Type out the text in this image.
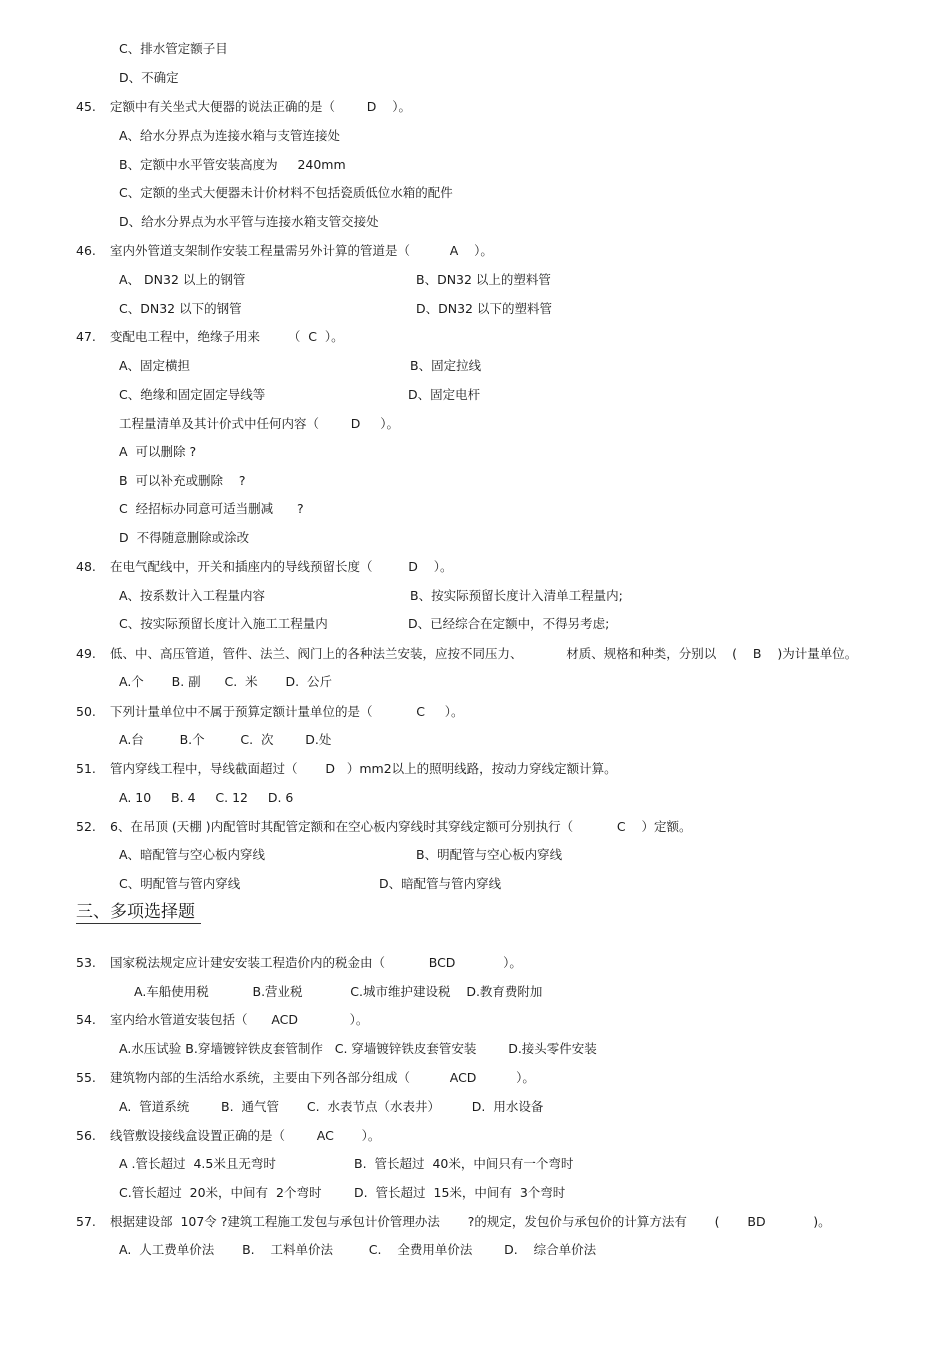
C、排水管定额子目
D、不确定
45. 定额中有关坐式大便器的说法正确的是（        D    ）。
A、给水分界点为连接水箱与支管连接处
B、定额中水平管安装高度为     240mm
C、定额的坐式大便器未计价材料不包括瓷质低位水箱的配件
D、给水分界点为水平管与连接水箱支管交接处
46. 室内外管道支架制作安装工程量需另外计算的管道是（          A    ）。
A、 DN32 以上的钢管	B、DN32 以上的塑料管
C、DN32 以下的钢管	D、DN32 以下的塑料管
47. 变配电工程中，绝缘子用来       （  C  ）。
A、固定横担	B、固定拉线
C、绝缘和固定固定导线等	D、固定电杆
工程量清单及其计价式中任何内容（        D     ）。
A  可以删除 ?
B  可以补充或删除    ?
C  经招标办同意可适当删减      ?
D  不得随意删除或涂改
48. 在电气配线中，开关和插座内的导线预留长度（         D    ）。
A、按系数计入工程量内容	B、按实际预留长度计入清单工程量内;
C、按实际预留长度计入施工工程量内	D、已经综合在定额中，不得另考虑;
49. 低、中、高压管道，管件、法兰、阀门上的各种法兰安装，应按不同压力、           材质、规格和种类，分别以    (    B    )为计量单位。
A.个       B. 副      C.  米       D.  公斤
50. 下列计量单位中不属于预算定额计量单位的是（           C     ）。
A.台         B.个         C.  次        D.处
51. 管内穿线工程中，导线截面超过（       D   ）mm2以上的照明线路，按动力穿线定额计算。
A. 10     B. 4     C. 12     D. 6
52. 6、在吊顶 (天棚 )内配管时其配管定额和在空心板内穿线时其穿线定额可分别执行（           C    ）定额。
A、暗配管与空心板内穿线	B、明配管与空心板内穿线
C、明配管与管内穿线	D、暗配管与管内穿线
53. 国家税法规定应计建安安装工程造价内的税金由（           BCD            ）。
A.车船使用税           B.营业税            C.城市维护建设税    D.教育费附加
54. 室内给水管道安装包括（      ACD             ）。
A.水压试验 B.穿墙镀锌铁皮套管制作   C. 穿墙镀锌铁皮套管安装        D.接头零件安装
55. 建筑物内部的生活给水系统，主要由下列各部分组成（          ACD          ）。
A.  管道系统        B.  通气管       C.  水表节点（水表井）        D.  用水设备
56. 线管敷设接线盒设置正确的是（        AC       ）。
A .管长超过  4.5米且无弯时	B.  管长超过  40米，中间只有一个弯时
C.管长超过  20米，中间有  2个弯时	D.  管长超过  15米，中间有  3个弯时
57. 根据建设部  107令 ?建筑工程施工发包与承包计价管理办法       ?的规定，发包价与承包价的计算方法有       (       BD            )。
A.  人工费单价法       B.    工料单价法         C.    全费用单价法        D.    综合单价法
三、多项选择题
